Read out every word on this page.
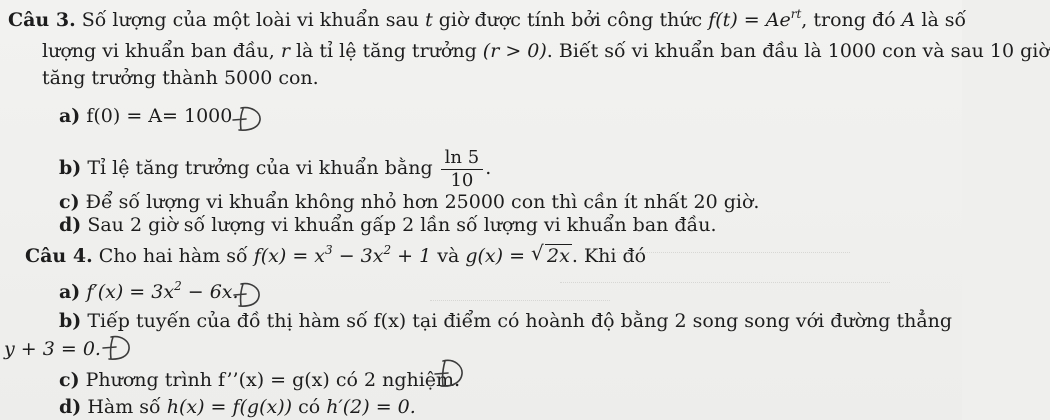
Câu 3. Số lượng của một loài vi khuẩn sau t giờ được tính bởi công thức $f(t) = Ae^{rt}$, trong đó A là số
lượng vi khuẩn ban đầu, r là tỉ lệ tăng trưởng (r > 0). Biết số vi khuẩn ban đầu là 1000 con và sau 10 giờ
tăng trưởng thành 5000 con.
a) f(0) = A= 1000
b) Tỉ lệ tăng trưởng của vi khuẩn bằng $\frac{\ln 5}{10}$ .
c) Để số lượng vi khuẩn không nhỏ hơn 25000 con thì cần ít nhất 20 giờ.
d) Sau 2 giờ số lượng vi khuẩn gấp 2 lần số lượng vi khuẩn ban đầu.
Câu 4. Cho hai hàm số $f(x) = x^3 - 3x^2 + 1$ và g(x) = √ 2x . Khi đó
a) $f'(x) = 3x^2 - 6x$.
b) Tiếp tuyến của đồ thị hàm số f(x) tại điểm có hoành độ bằng 2 song song với đường thẳng
y + 3 = 0.
c) Phương trình f’’(x) = g(x) có 2 nghiệm.
d) Hàm số h(x) = f(g(x)) có h′(2) = 0.
